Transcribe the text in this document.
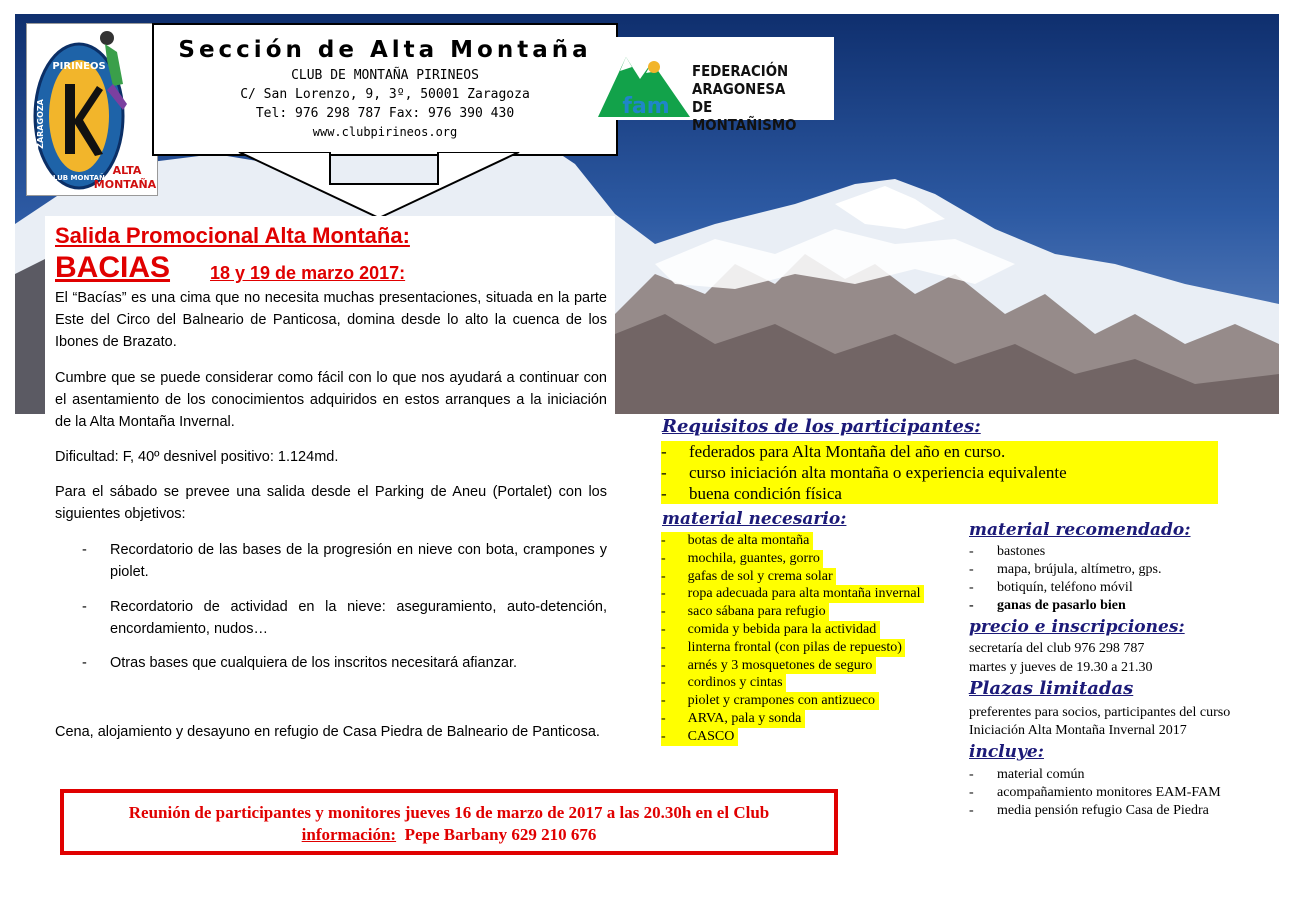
PIRINEOS
ZARAGOZA
CLUB MONTAÑA
ALTA
MONTAÑA
Sección de Alta Montaña
CLUB DE MONTAÑA PIRINEOS
C/ San Lorenzo, 9, 3º, 50001 Zaragoza
Tel: 976 298 787 Fax: 976 390 430
www.clubpirineos.org
fam
FEDERACIÓN
ARAGONESA
DE MONTAÑISMO
Salida Promocional Alta Montaña:
BACIAS 18 y 19 de marzo 2017:
El “Bacías” es una cima que no necesita muchas presentaciones, situada en la parte Este del Circo del Balneario de Panticosa, domina desde lo alto la cuenca de los Ibones de Brazato.
Cumbre que se puede considerar como fácil con lo que nos ayudará a continuar con el asentamiento de los conocimientos adquiridos en estos arranques a la iniciación de la Alta Montaña Invernal.
Dificultad: F, 40º desnivel positivo: 1.124md.
Para el sábado se prevee una salida desde el Parking de Aneu (Portalet) con los siguientes objetivos:
- Recordatorio de las bases de la progresión en nieve con bota, crampones y piolet.
- Recordatorio de actividad en la nieve: aseguramiento, auto-detención, encordamiento, nudos…
- Otras bases que cualquiera de los inscritos necesitará afianzar.
Cena, alojamiento y desayuno en refugio de Casa Piedra de Balneario de Panticosa.
Reunión de participantes y monitores jueves 16 de marzo de 2017 a las 20.30h en el Club
información: Pepe Barbany 629 210 676
Requisitos de los participantes:
- federados para Alta Montaña del año en curso.
- curso iniciación alta montaña o experiencia equivalente
- buena condición física
material necesario:
- botas de alta montaña
- mochila, guantes, gorro
- gafas de sol y crema solar
- ropa adecuada para alta montaña invernal
- saco sábana para refugio
- comida y bebida para la actividad
- linterna frontal (con pilas de repuesto)
- arnés y 3 mosquetones de seguro
- cordinos y cintas
- piolet y crampones con antizueco
- ARVA, pala y sonda
- CASCO
material recomendado:
- bastones
- mapa, brújula, altímetro, gps.
- botiquín, teléfono móvil
- ganas de pasarlo bien
precio e inscripciones:
secretaría del club 976 298 787
martes y jueves de 19.30 a 21.30
Plazas limitadas
preferentes para socios, participantes del curso
Iniciación Alta Montaña Invernal 2017
incluye:
- material común
- acompañamiento monitores EAM-FAM
- media pensión refugio Casa de Piedra
